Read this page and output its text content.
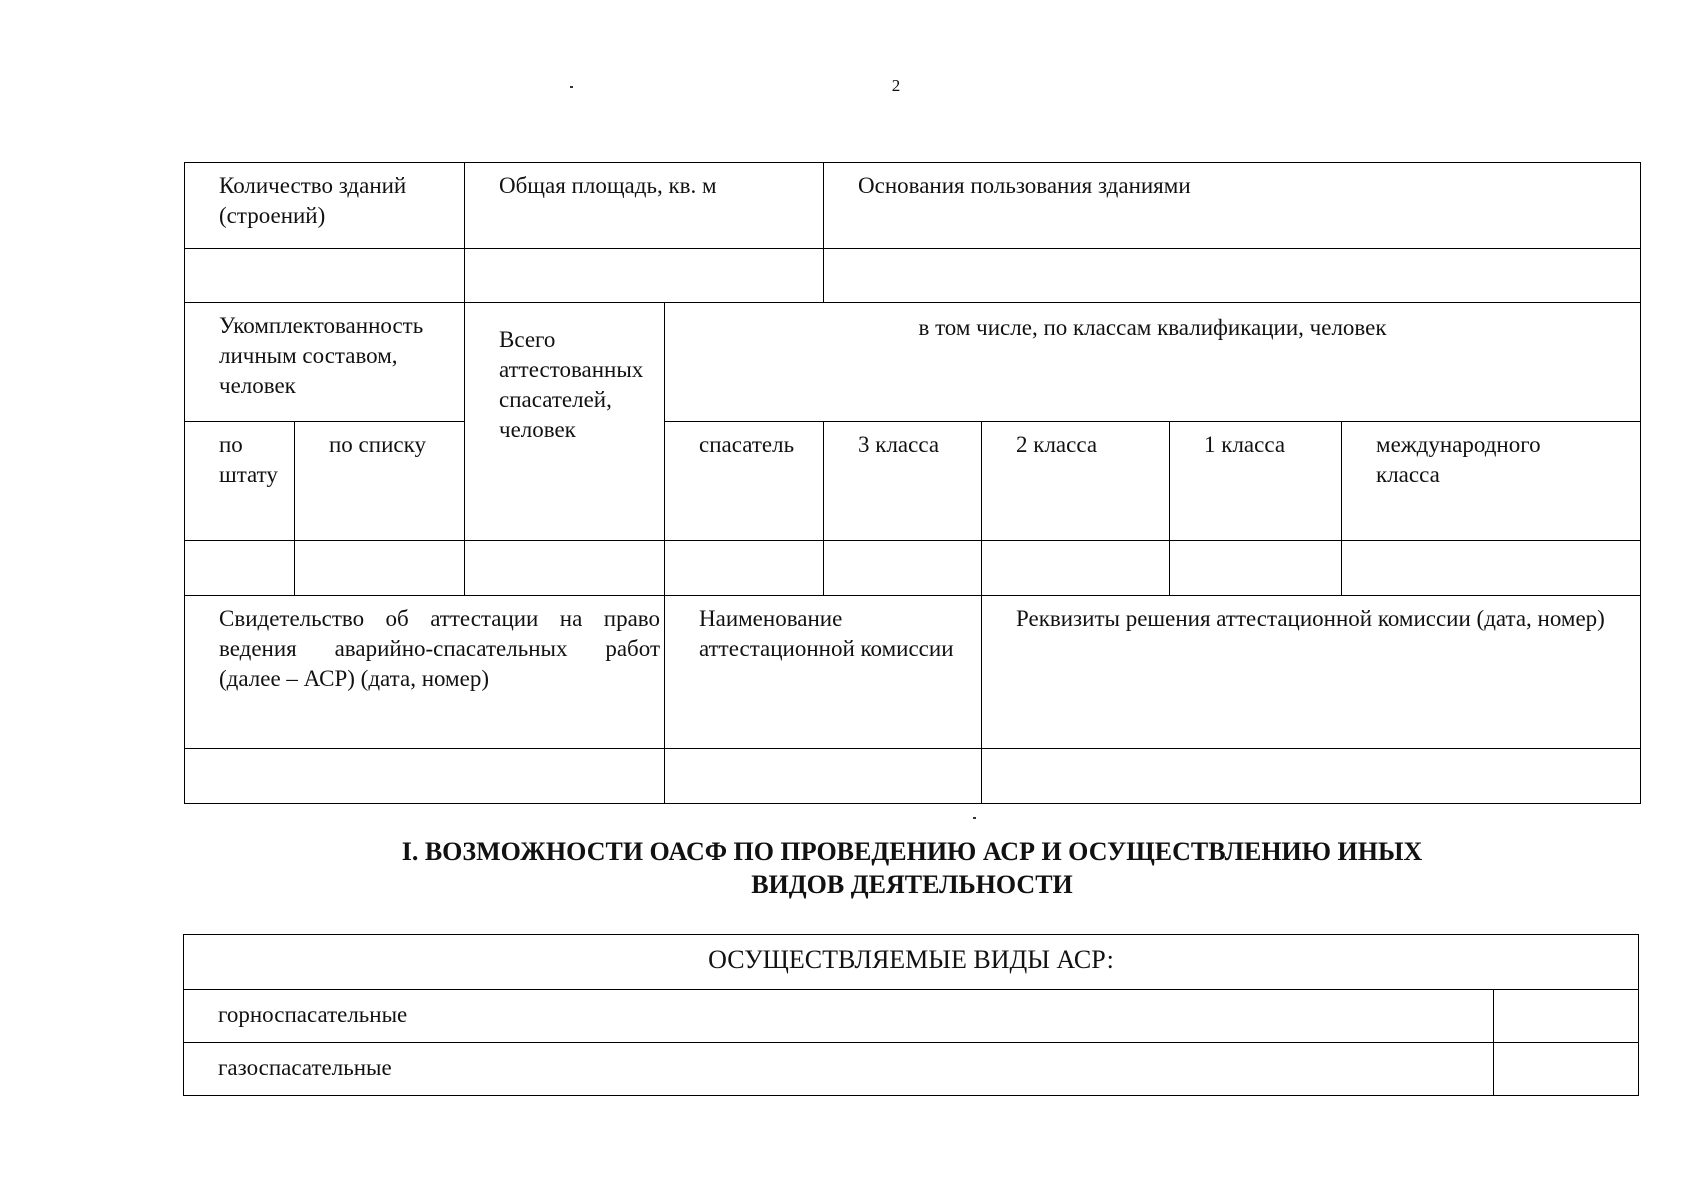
2
Количество зданий (строений)		Общая площадь, кв. м		Основания пользования зданиями			

Укомплектованность личным составом, человек		Всего аттестованных спасателей, человек	в том числе, по классам квалификации, человек				
по штату	по списку		спасатель	3 класса	2 класса	1 класса	международного класса

Свидетельство об аттестации на право ведения аварийно-спасательных работ (далее – АСР) (дата, номер)			Наименование аттестационной комиссии		Реквизиты решения аттестационной комиссии (дата, номер)		

I. ВОЗМОЖНОСТИ ОАСФ ПО ПРОВЕДЕНИЮ АСР И ОСУЩЕСТВЛЕНИЮ ИНЫХ
ВИДОВ ДЕЯТЕЛЬНОСТИ
ОСУЩЕСТВЛЯЕМЫЕ ВИДЫ АСР:	
горноспасательные	
газоспасательные	
